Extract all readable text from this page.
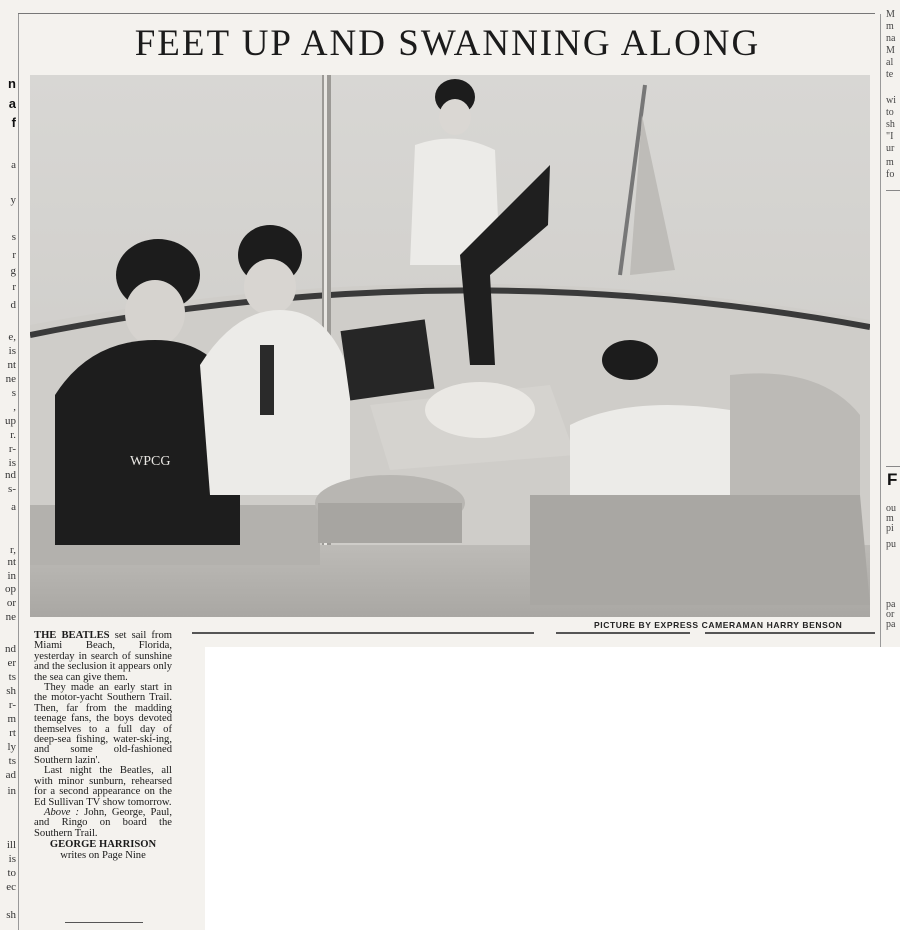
n
a
f
a
y
s
r
g
r
d
e,
is
nt
ne
s
,
up
r.
r-
is
nd
s-
a
r,
nt
in
op
or
ne
nd
er
ts
sh
r-
m
rt
ly
ts
ad
in
ill
is
to
ec
sh
M
m
na
M
al
te
wi
to
sh
"I
ur
m
fo
ou
m
pi
pu
pa
or
pa
F
FEET UP AND SWANNING ALONG
WPCG
PICTURE BY EXPRESS CAMERAMAN HARRY BENSON

THE BEATLES set sail from Miami Beach, Florida, yesterday in search of sunshine and the seclusion it appears only the sea can give them.

They made an early start in the motor-yacht Southern Trail. Then, far from the madding teenage fans, the boys devoted themselves to a full day of deep-sea fishing, water-ski-ing, and some old-fashioned Southern lazin'.

Last night the Beatles, all with minor sunburn, rehearsed for a second appearance on the Ed Sullivan TV show tomorrow.

Above : John, George, Paul, and Ringo on board the Southern Trail.

GEORGE HARRISON

writes on Page Nine
